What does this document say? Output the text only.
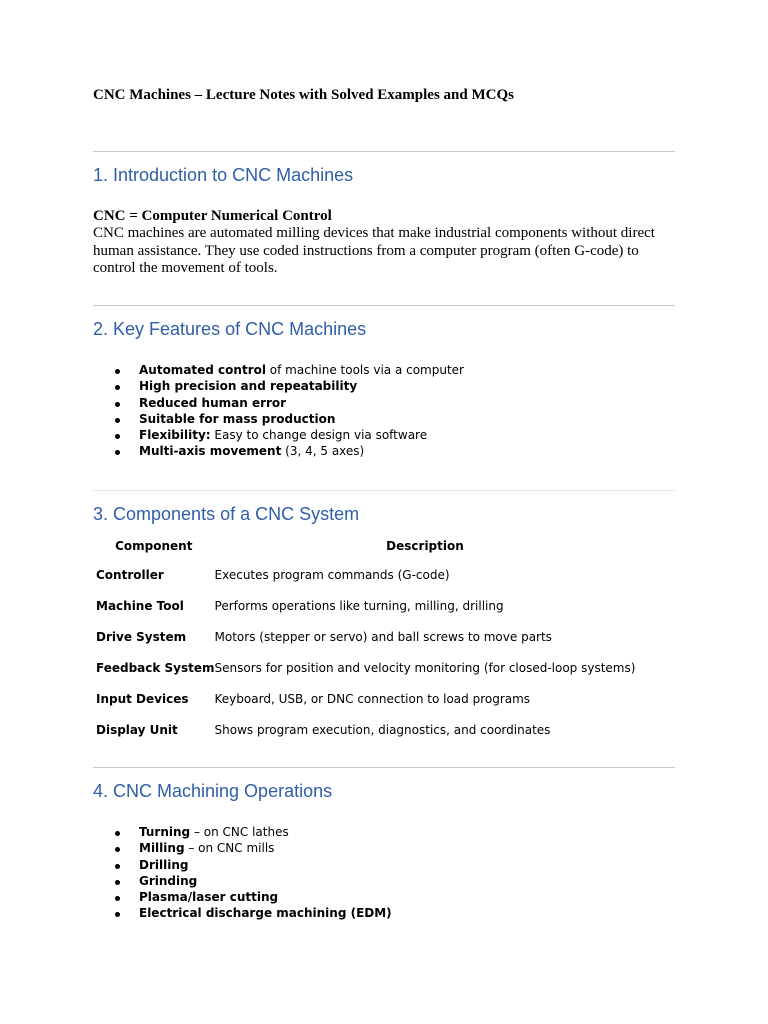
CNC Machines – Lecture Notes with Solved Examples and MCQs
1. Introduction to CNC Machines
CNC = Computer Numerical Control
CNC machines are automated milling devices that make industrial components without direct human assistance. They use coded instructions from a computer program (often G-code) to control the movement of tools.
2. Key Features of CNC Machines
Automated control of machine tools via a computer
High precision and repeatability
Reduced human error
Suitable for mass production
Flexibility: Easy to change design via software
Multi-axis movement (3, 4, 5 axes)
3. Components of a CNC System
Component	Description
Controller	Executes program commands (G-code)
Machine Tool	Performs operations like turning, milling, drilling
Drive System	Motors (stepper or servo) and ball screws to move parts
Feedback System	Sensors for position and velocity monitoring (for closed-loop systems)
Input Devices	Keyboard, USB, or DNC connection to load programs
Display Unit	Shows program execution, diagnostics, and coordinates
4. CNC Machining Operations
Turning – on CNC lathes
Milling – on CNC mills
Drilling
Grinding
Plasma/laser cutting
Electrical discharge machining (EDM)
